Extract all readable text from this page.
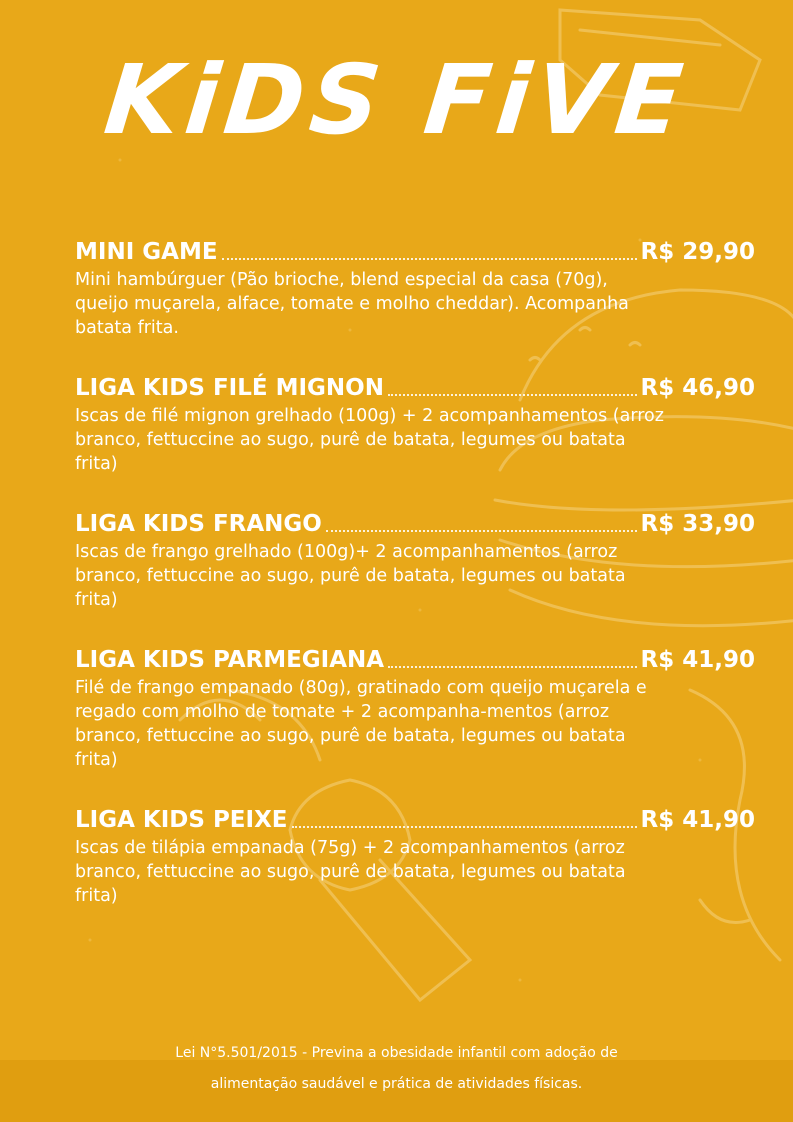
KiDS FiVE
MINI GAME	R$ 29,90
Mini hambúrguer (Pão brioche, blend especial da casa (70g), queijo muçarela, alface, tomate e molho cheddar). Acompanha batata frita.
LIGA KIDS FILÉ MIGNON	R$ 46,90
Iscas de filé mignon grelhado (100g) + 2 acompanhamentos (arroz branco, fettuccine ao sugo, purê de batata, legumes ou batata frita)
LIGA KIDS FRANGO	R$ 33,90
Iscas de frango grelhado (100g)+ 2 acompanhamentos (arroz branco, fettuccine ao sugo, purê de batata, legumes ou batata frita)
LIGA KIDS PARMEGIANA	R$ 41,90
Filé de frango empanado (80g), gratinado com queijo muçarela e regado com molho de tomate + 2 acompanha-mentos (arroz branco, fettuccine ao sugo, purê de batata, legumes ou batata frita)
LIGA KIDS PEIXE	R$ 41,90
Iscas de tilápia empanada (75g) + 2 acompanhamentos (arroz branco, fettuccine ao sugo, purê de batata, legumes ou batata frita)
Lei N°5.501/2015 - Previna a obesidade infantil com adoção de
alimentação saudável e prática de atividades físicas.
